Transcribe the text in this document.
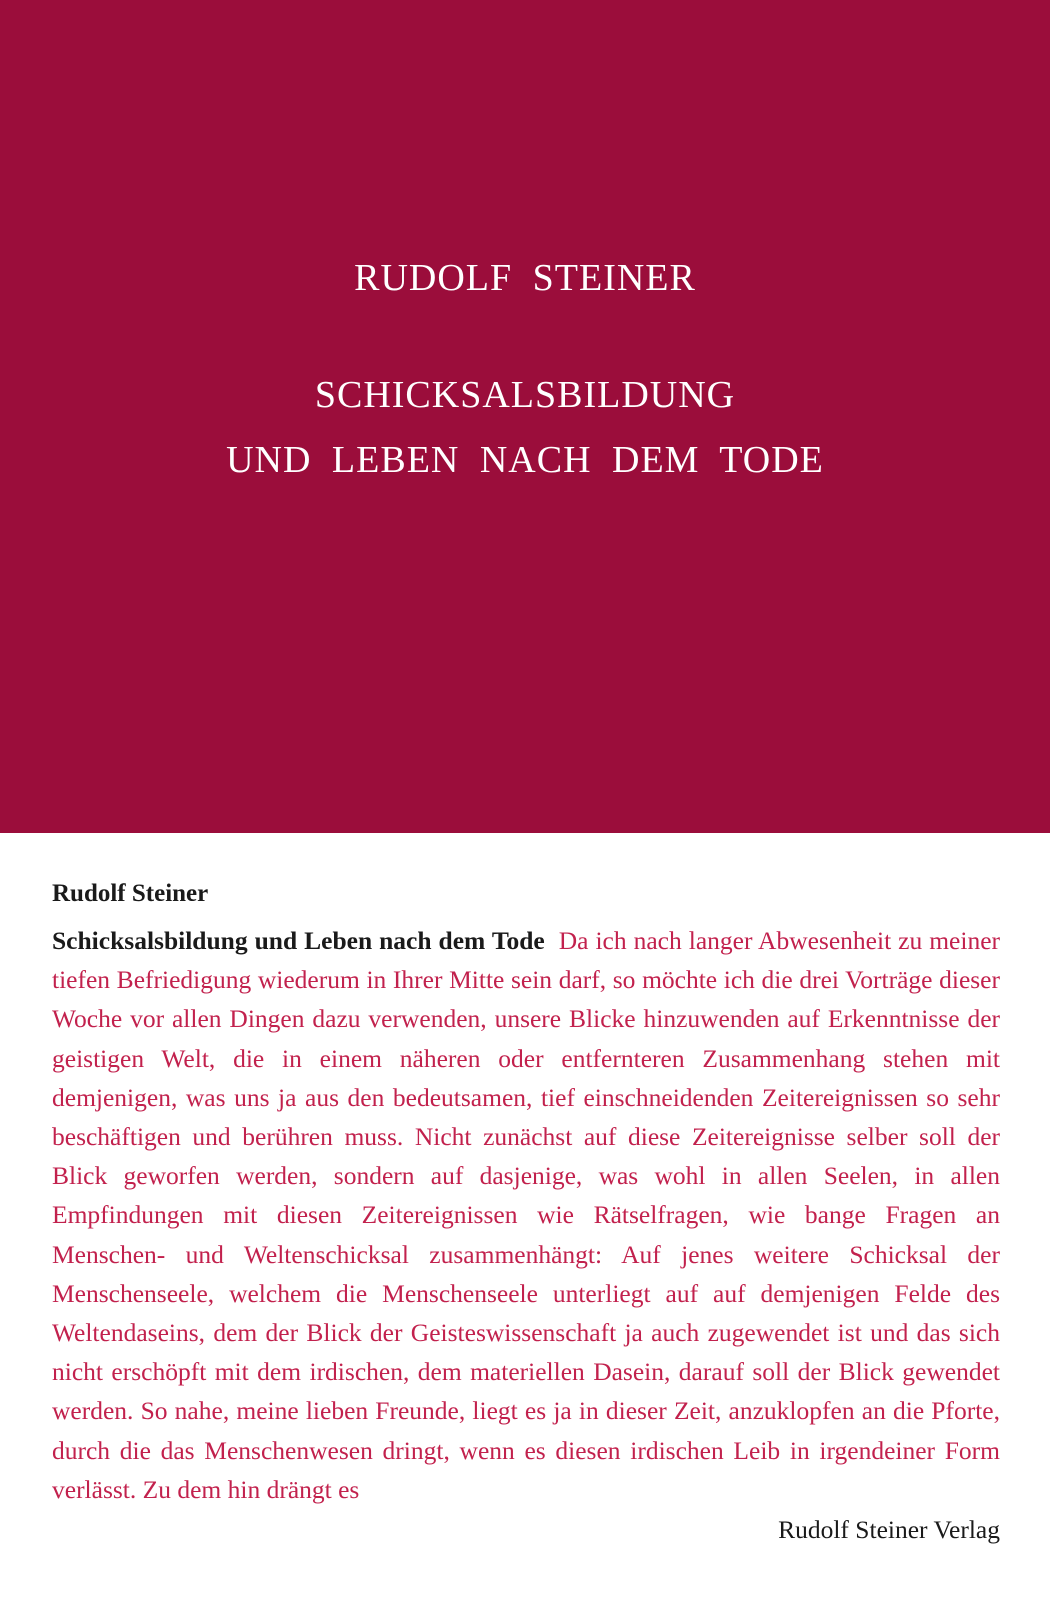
RUDOLF STEINER
SCHICKSALSBILDUNG
UND LEBEN NACH DEM TODE
Rudolf Steiner
Schicksalsbildung und Leben nach dem Tode Da ich nach langer Abwesenheit zu meiner tiefen Befriedigung wiederum in Ihrer Mitte sein darf, so möchte ich die drei Vorträge dieser Woche vor allen Dingen dazu verwenden, unsere Blicke hinzuwenden auf Erkenntnisse der geistigen Welt, die in einem näheren oder entfernteren Zusammenhang stehen mit demjenigen, was uns ja aus den bedeutsamen, tief einschneidenden Zeitereignissen so sehr beschäftigen und berühren muss. Nicht zunächst auf diese Zeitereignisse selber soll der Blick geworfen werden, sondern auf dasjenige, was wohl in allen Seelen, in allen Empfindungen mit diesen Zeitereignissen wie Rätselfragen, wie bange Fragen an Menschen- und Weltenschicksal zusammenhängt: Auf jenes weitere Schicksal der Menschenseele, welchem die Menschenseele unterliegt auf auf demjenigen Felde des Weltendaseins, dem der Blick der Geisteswissenschaft ja auch zugewendet ist und das sich nicht erschöpft mit dem irdischen, dem materiellen Dasein, darauf soll der Blick gewendet werden. So nahe, meine lieben Freunde, liegt es ja in dieser Zeit, anzuklopfen an die Pforte, durch die das Menschenwesen dringt, wenn es diesen irdischen Leib in irgendeiner Form verlässt. Zu dem hin drängt es
Rudolf Steiner Verlag
